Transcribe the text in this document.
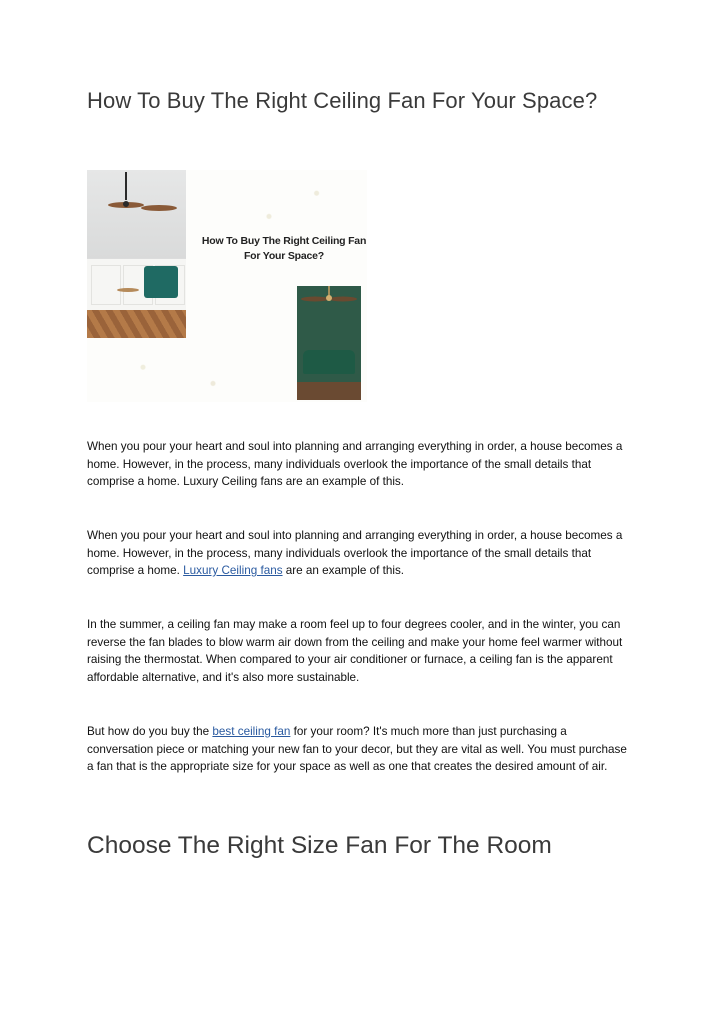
How To Buy The Right Ceiling Fan For Your Space?
How To Buy The Right Ceiling Fan
For Your Space?

When you pour your heart and soul into planning and arranging everything in order, a house becomes a home. However, in the process, many individuals overlook the importance of the small details that comprise a home. Luxury Ceiling fans are an example of this.

When you pour your heart and soul into planning and arranging everything in order, a house becomes a home. However, in the process, many individuals overlook the importance of the small details that comprise a home. Luxury Ceiling fans are an example of this.

In the summer, a ceiling fan may make a room feel up to four degrees cooler, and in the winter, you can reverse the fan blades to blow warm air down from the ceiling and make your home feel warmer without raising the thermostat. When compared to your air conditioner or furnace, a ceiling fan is the apparent affordable alternative, and it's also more sustainable.

But how do you buy the best ceiling fan for your room? It's much more than just purchasing a conversation piece or matching your new fan to your decor, but they are vital as well. You must purchase a fan that is the appropriate size for your space as well as one that creates the desired amount of air.

Choose The Right Size Fan For The Room
